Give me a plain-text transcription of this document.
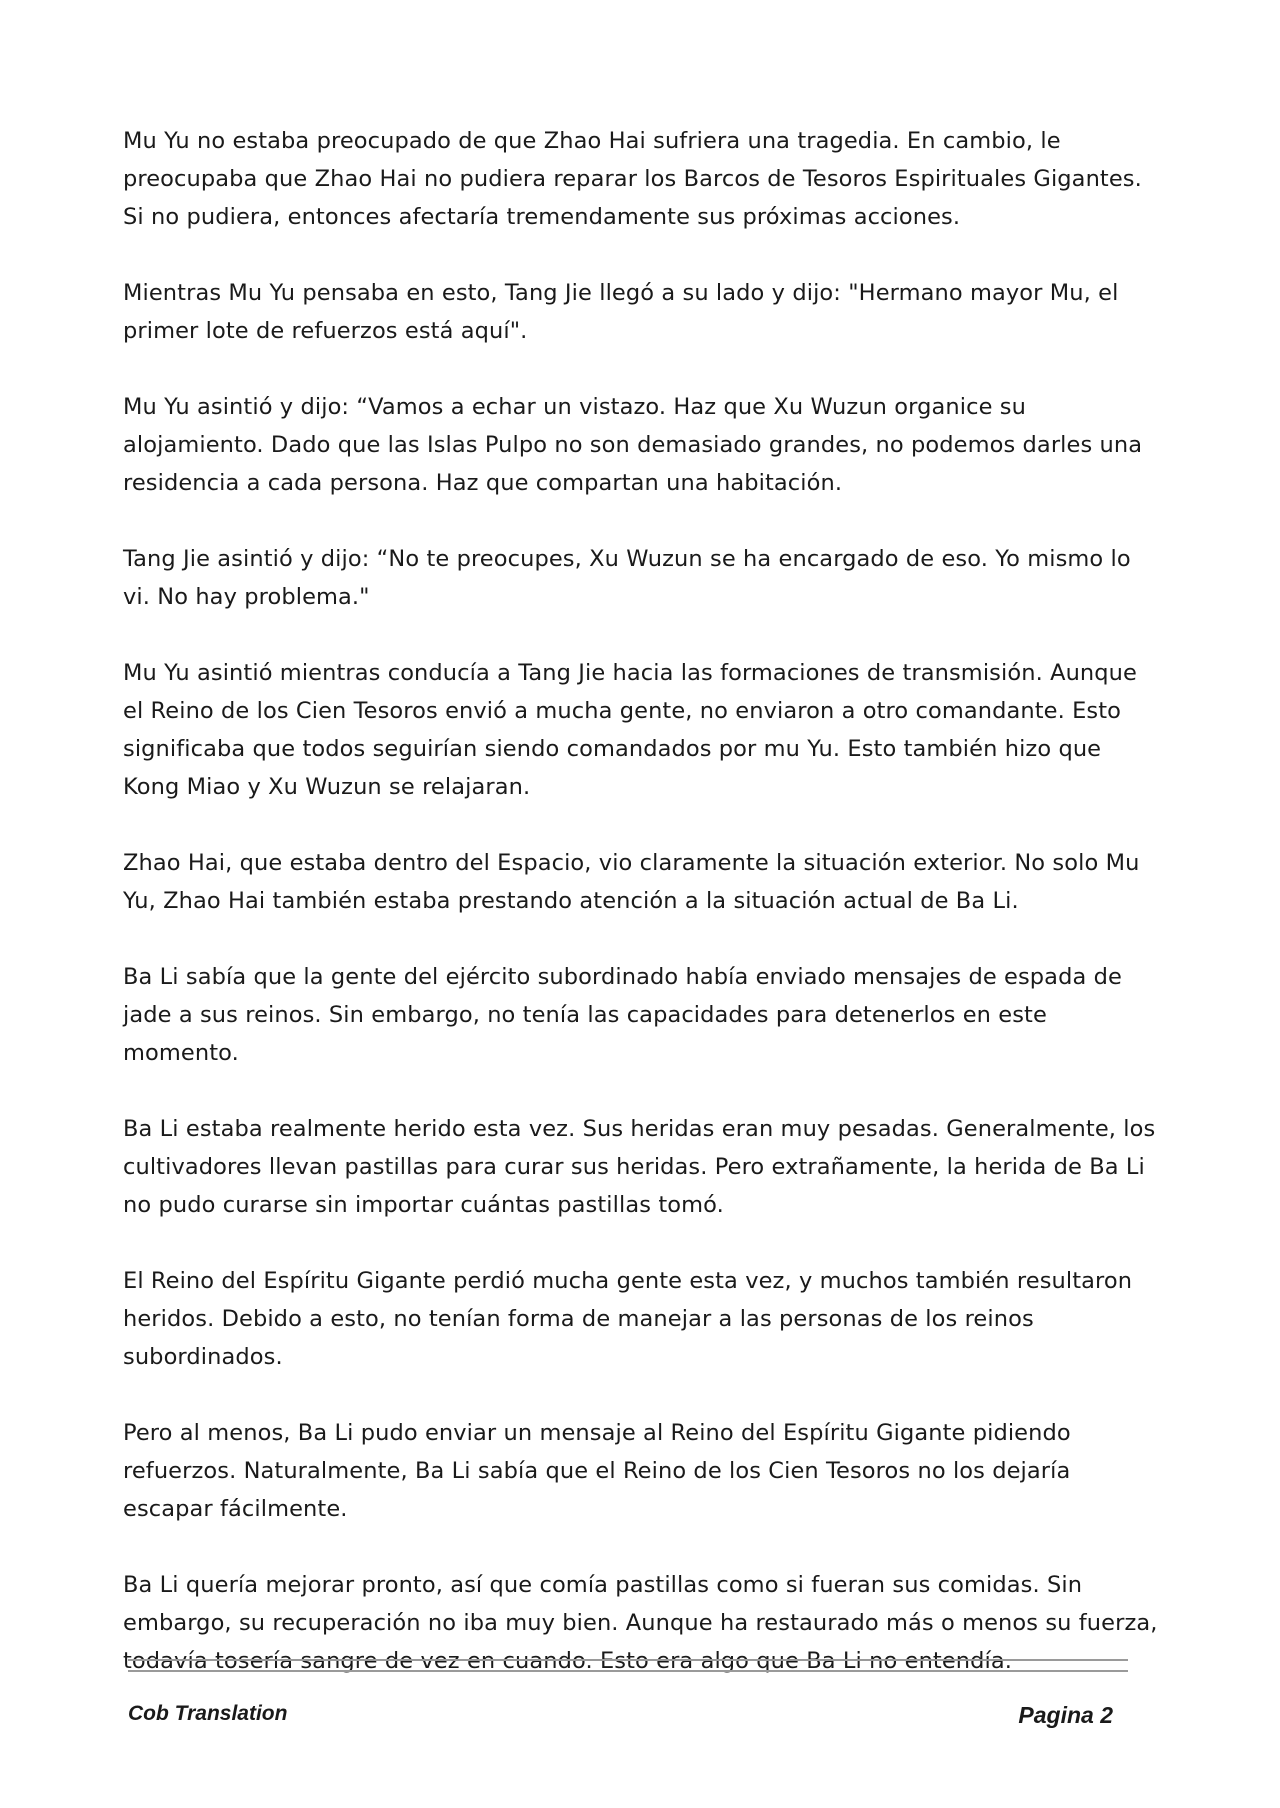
Mu Yu no estaba preocupado de que Zhao Hai sufriera una tragedia. En cambio, le preocupaba que Zhao Hai no pudiera reparar los Barcos de Tesoros Espirituales Gigantes. Si no pudiera, entonces afectaría tremendamente sus próximas acciones.

Mientras Mu Yu pensaba en esto, Tang Jie llegó a su lado y dijo: "Hermano mayor Mu, el primer lote de refuerzos está aquí".

Mu Yu asintió y dijo: “Vamos a echar un vistazo. Haz que Xu Wuzun organice su alojamiento. Dado que las Islas Pulpo no son demasiado grandes, no podemos darles una residencia a cada persona. Haz que compartan una habitación.

Tang Jie asintió y dijo: “No te preocupes, Xu Wuzun se ha encargado de eso. Yo mismo lo vi. No hay problema."

Mu Yu asintió mientras conducía a Tang Jie hacia las formaciones de transmisión. Aunque el Reino de los Cien Tesoros envió a mucha gente, no enviaron a otro comandante. Esto significaba que todos seguirían siendo comandados por mu Yu. Esto también hizo que Kong Miao y Xu Wuzun se relajaran.

Zhao Hai, que estaba dentro del Espacio, vio claramente la situación exterior. No solo Mu Yu, Zhao Hai también estaba prestando atención a la situación actual de Ba Li.

Ba Li sabía que la gente del ejército subordinado había enviado mensajes de espada de jade a sus reinos. Sin embargo, no tenía las capacidades para detenerlos en este momento.

Ba Li estaba realmente herido esta vez. Sus heridas eran muy pesadas. Generalmente, los cultivadores llevan pastillas para curar sus heridas. Pero extrañamente, la herida de Ba Li no pudo curarse sin importar cuántas pastillas tomó.

El Reino del Espíritu Gigante perdió mucha gente esta vez, y muchos también resultaron heridos. Debido a esto, no tenían forma de manejar a las personas de los reinos subordinados.

Pero al menos, Ba Li pudo enviar un mensaje al Reino del Espíritu Gigante pidiendo refuerzos. Naturalmente, Ba Li sabía que el Reino de los Cien Tesoros no los dejaría escapar fácilmente.

Ba Li quería mejorar pronto, así que comía pastillas como si fueran sus comidas. Sin embargo, su recuperación no iba muy bien. Aunque ha restaurado más o menos su fuerza, todavía tosería sangre de vez en cuando. Esto era algo que Ba Li no entendía.

Cob Translation	Pagina 2
